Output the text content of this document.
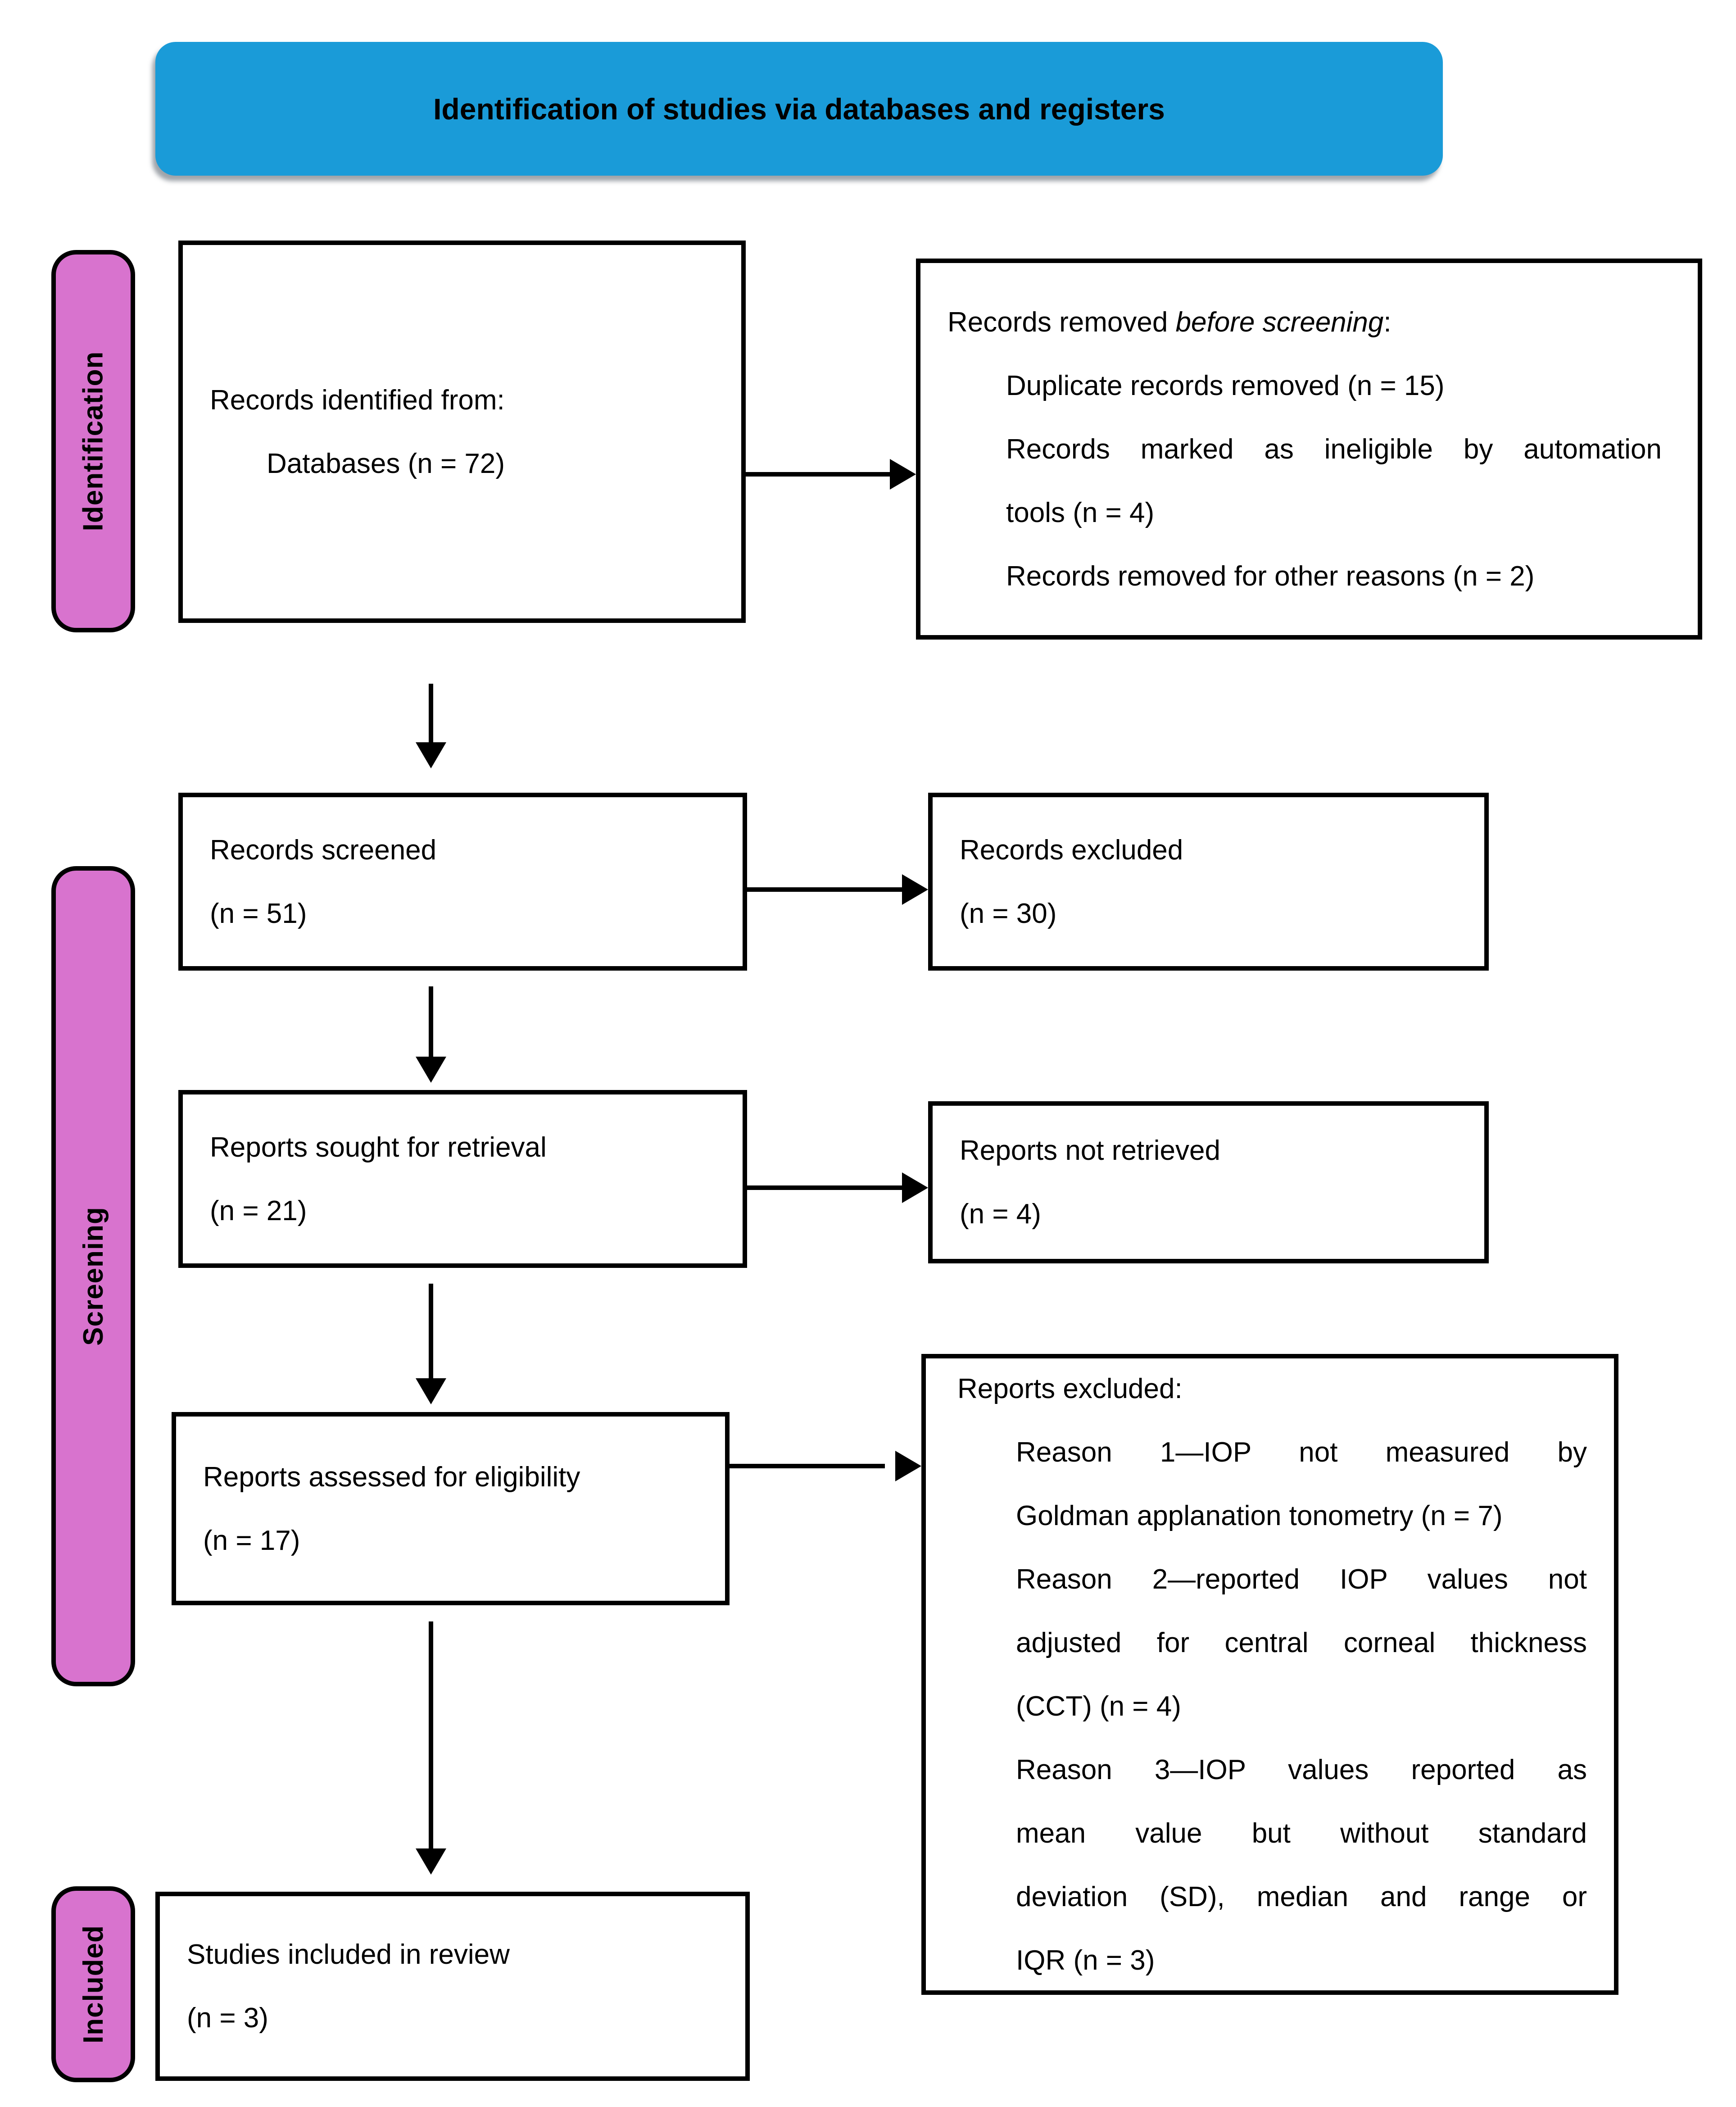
Identification of studies via databases and registers
Identification
Screening
Included
Records identified from:
Databases (n = 72)
Records screened
(n = 51)
Reports sought for retrieval
(n = 21)
Reports assessed for eligibility
(n = 17)
Studies included in review
(n = 3)
Records removed before screening:
Duplicate records removed (n = 15)
Records marked as ineligible by automation
tools (n = 4)
Records removed for other reasons (n = 2)
Records excluded
(n = 30)
Reports not retrieved
(n = 4)
Reports excluded:
Reason 1—IOP not measured by
Goldman applanation tonometry (n = 7)
Reason 2—reported IOP values not
adjusted for central corneal thickness
(CCT) (n = 4)
Reason 3—IOP values reported as
mean value but without standard
deviation (SD), median and range or
IQR (n = 3)
